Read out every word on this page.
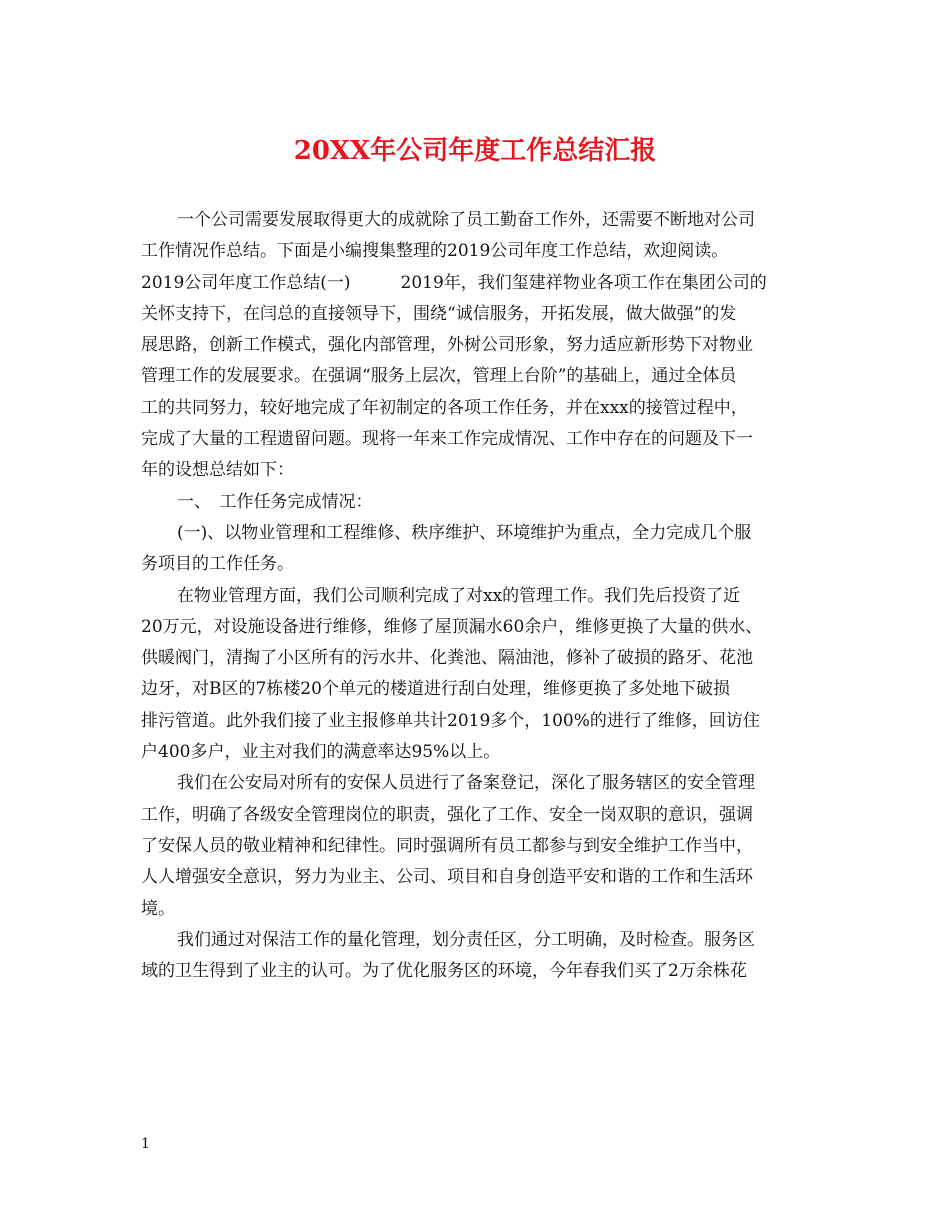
20XX年公司年度工作总结汇报
一个公司需要发展取得更大的成就除了员工勤奋工作外，还需要不断地对公司
工作情况作总结。下面是小编搜集整理的2019公司年度工作总结，欢迎阅读。
2019公司年度工作总结(一)	2019年，我们玺建祥物业各项工作在集团公司的
关怀支持下，在闫总的直接领导下，围绕“诚信服务，开拓发展，做大做强”的发
展思路，创新工作模式，强化内部管理，外树公司形象，努力适应新形势下对物业
管理工作的发展要求。在强调“服务上层次，管理上台阶”的基础上，通过全体员
工的共同努力，较好地完成了年初制定的各项工作任务，并在xxx的接管过程中，
完成了大量的工程遗留问题。现将一年来工作完成情况、工作中存在的问题及下一
年的设想总结如下：
一、　工作任务完成情况：
(一)、以物业管理和工程维修、秩序维护、环境维护为重点，全力完成几个服
务项目的工作任务。
在物业管理方面，我们公司顺利完成了对xx的管理工作。我们先后投资了近
20万元，对设施设备进行维修，维修了屋顶漏水60余户，维修更换了大量的供水、
供暖阀门，清掏了小区所有的污水井、化粪池、隔油池，修补了破损的路牙、花池
边牙，对B区的7栋楼20个单元的楼道进行刮白处理，维修更换了多处地下破损
排污管道。此外我们接了业主报修单共计2019多个，100%的进行了维修，回访住
户400多户，业主对我们的满意率达95%以上。
我们在公安局对所有的安保人员进行了备案登记，深化了服务辖区的安全管理
工作，明确了各级安全管理岗位的职责，强化了工作、安全一岗双职的意识，强调
了安保人员的敬业精神和纪律性。同时强调所有员工都参与到安全维护工作当中，
人人增强安全意识，努力为业主、公司、项目和自身创造平安和谐的工作和生活环
境。
我们通过对保洁工作的量化管理，划分责任区，分工明确，及时检查。服务区
域的卫生得到了业主的认可。为了优化服务区的环境，今年春我们买了2万余株花
1
